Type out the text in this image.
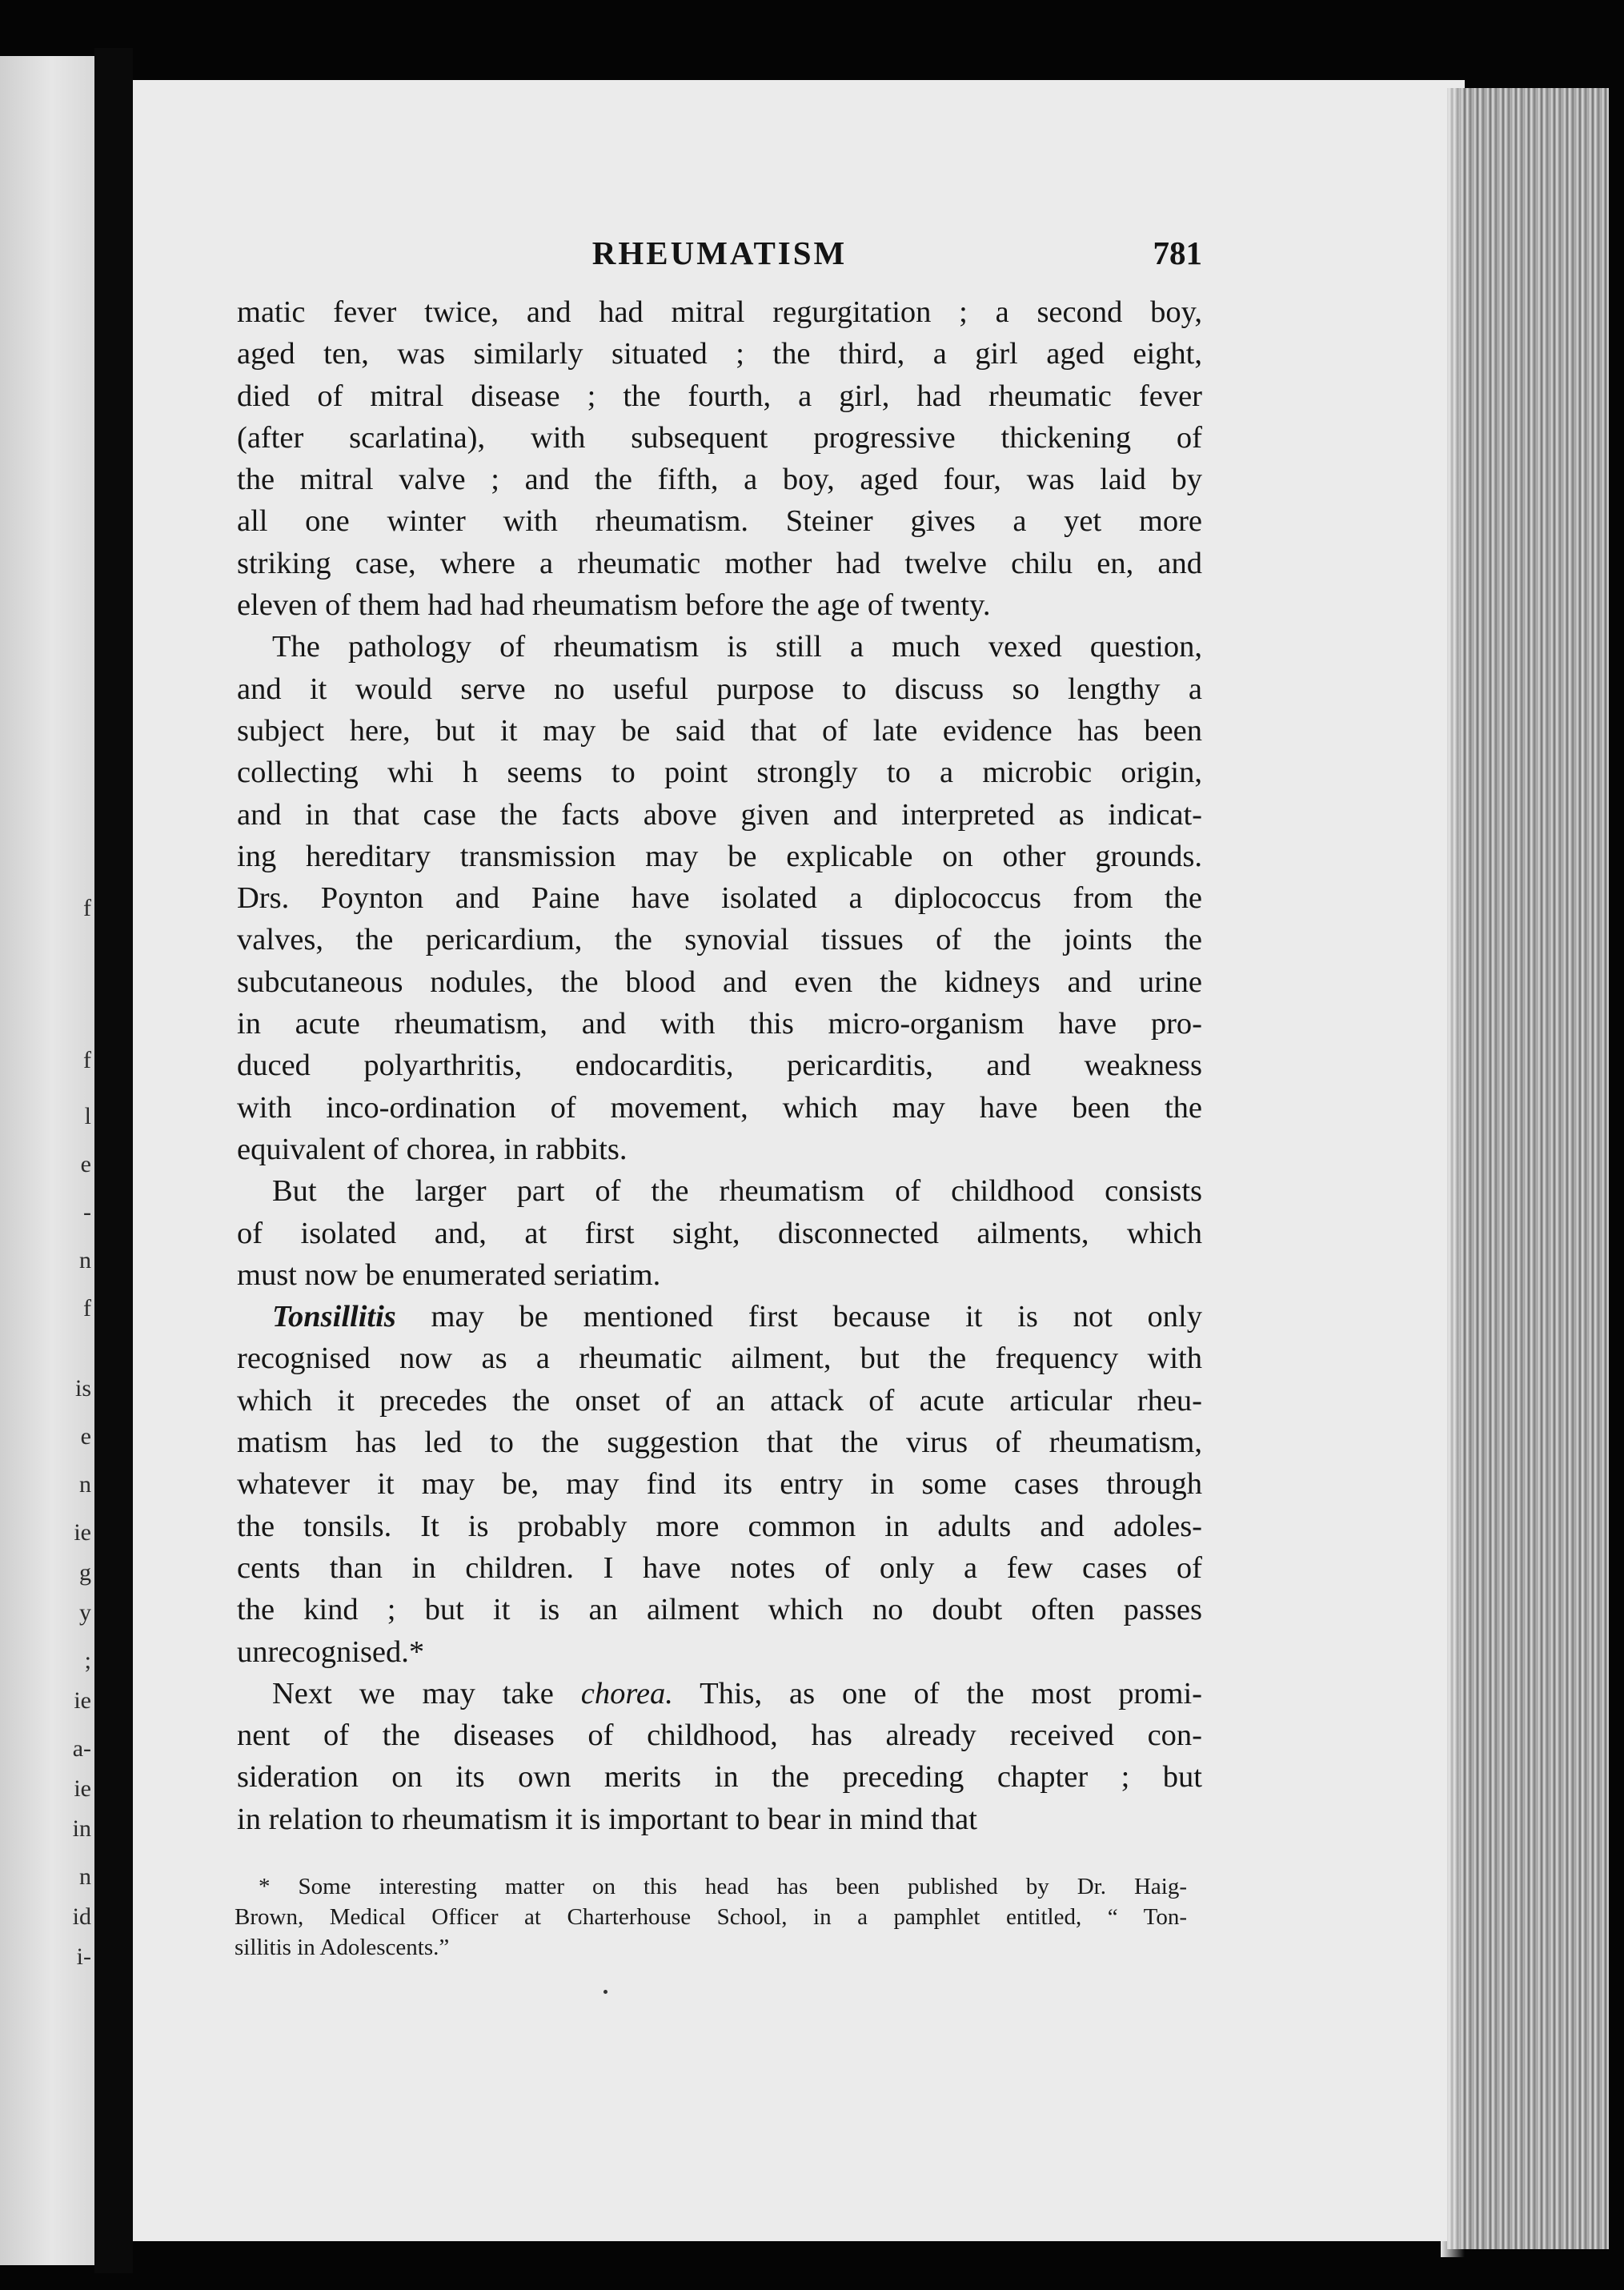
f
f
l
e
-
n
f
is
e
n
ie
g
y
;
ie
a-
ie
in
n
id
i-
RHEUMATISM	781
matic fever twice, and had mitral regurgitation ; a second boy,
aged ten, was similarly situated ; the third, a girl aged eight,
died of mitral disease ; the fourth, a girl, had rheumatic fever
(after scarlatina), with subsequent progressive thickening of
the mitral valve ; and the fifth, a boy, aged four, was laid by
all one winter with rheumatism. Steiner gives a yet more
striking case, where a rheumatic mother had twelve chilu en, and
eleven of them had had rheumatism before the age of twenty.
The pathology of rheumatism is still a much vexed question,
and it would serve no useful purpose to discuss so lengthy a
subject here, but it may be said that of late evidence has been
collecting whi h seems to point strongly to a microbic origin,
and in that case the facts above given and interpreted as indicat-
ing hereditary transmission may be explicable on other grounds.
Drs. Poynton and Paine have isolated a diplococcus from the
valves, the pericardium, the synovial tissues of the joints the
subcutaneous nodules, the blood and even the kidneys and urine
in acute rheumatism, and with this micro-organism have pro-
duced polyarthritis, endocarditis, pericarditis, and weakness
with inco-ordination of movement, which may have been the
equivalent of chorea, in rabbits.
But the larger part of the rheumatism of childhood consists
of isolated and, at first sight, disconnected ailments, which
must now be enumerated seriatim.
Tonsillitis may be mentioned first because it is not only
recognised now as a rheumatic ailment, but the frequency with
which it precedes the onset of an attack of acute articular rheu-
matism has led to the suggestion that the virus of rheumatism,
whatever it may be, may find its entry in some cases through
the tonsils. It is probably more common in adults and adoles-
cents than in children. I have notes of only a few cases of
the kind ; but it is an ailment which no doubt often passes
unrecognised.*
Next we may take chorea. This, as one of the most promi-
nent of the diseases of childhood, has already received con-
sideration on its own merits in the preceding chapter ; but
in relation to rheumatism it is important to bear in mind that
* Some interesting matter on this head has been published by Dr. Haig-
Brown, Medical Officer at Charterhouse School, in a pamphlet entitled, “ Ton-
sillitis in Adolescents.”
